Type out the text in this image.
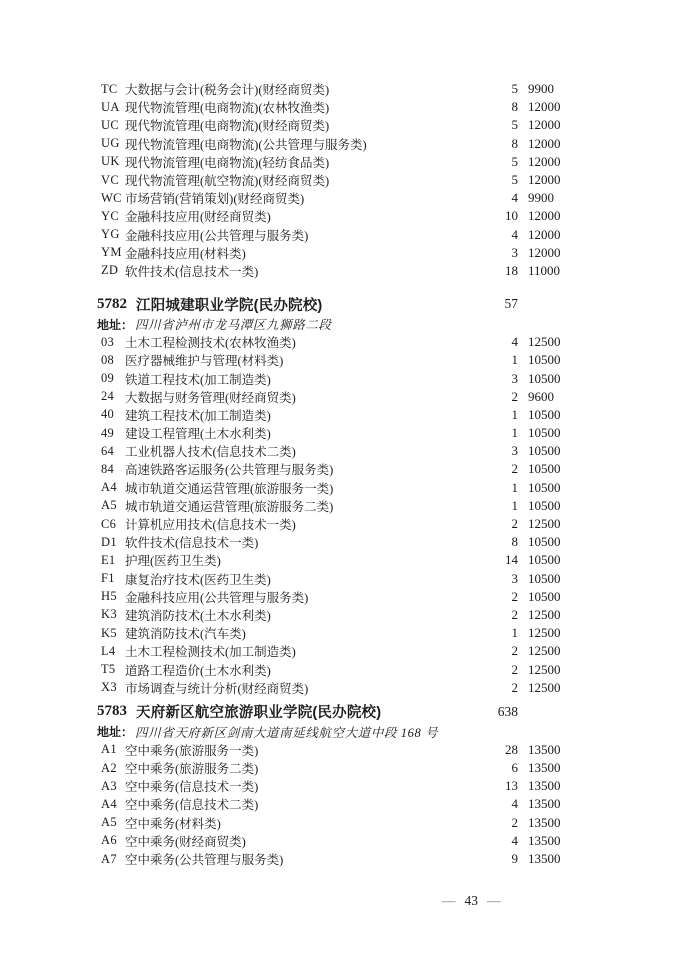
TC 大数据与会计(税务会计)(财经商贸类)	5 9900
UA 现代物流管理(电商物流)(农林牧渔类)	8 12000
UC 现代物流管理(电商物流)(财经商贸类)	5 12000
UG 现代物流管理(电商物流)(公共管理与服务类)	8 12000
UK 现代物流管理(电商物流)(轻纺食品类)	5 12000
VC 现代物流管理(航空物流)(财经商贸类)	5 12000
WC 市场营销(营销策划)(财经商贸类)	4 9900
YC 金融科技应用(财经商贸类)	10 12000
YG 金融科技应用(公共管理与服务类)	4 12000
YM 金融科技应用(材料类)	3 12000
ZD 软件技术(信息技术一类)	18 11000
5782 江阳城建职业学院(民办院校)	57
地址： 四川省泸州市龙马潭区九狮路二段
03 土木工程检测技术(农林牧渔类)	4 12500
08 医疗器械维护与管理(材料类)	1 10500
09 铁道工程技术(加工制造类)	3 10500
24 大数据与财务管理(财经商贸类)	2 9600
40 建筑工程技术(加工制造类)	1 10500
49 建设工程管理(土木水利类)	1 10500
64 工业机器人技术(信息技术二类)	3 10500
84 高速铁路客运服务(公共管理与服务类)	2 10500
A4 城市轨道交通运营管理(旅游服务一类)	1 10500
A5 城市轨道交通运营管理(旅游服务二类)	1 10500
C6 计算机应用技术(信息技术一类)	2 12500
D1 软件技术(信息技术一类)	8 10500
E1 护理(医药卫生类)	14 10500
F1 康复治疗技术(医药卫生类)	3 10500
H5 金融科技应用(公共管理与服务类)	2 10500
K3 建筑消防技术(土木水利类)	2 12500
K5 建筑消防技术(汽车类)	1 12500
L4 土木工程检测技术(加工制造类)	2 12500
T5 道路工程造价(土木水利类)	2 12500
X3 市场调查与统计分析(财经商贸类)	2 12500
5783 天府新区航空旅游职业学院(民办院校)	638
地址： 四川省天府新区剑南大道南延线航空大道中段 168 号
A1 空中乘务(旅游服务一类)	28 13500
A2 空中乘务(旅游服务二类)	6 13500
A3 空中乘务(信息技术一类)	13 13500
A4 空中乘务(信息技术二类)	4 13500
A5 空中乘务(材料类)	2 13500
A6 空中乘务(财经商贸类)	4 13500
A7 空中乘务(公共管理与服务类)	9 13500
— 43 —
